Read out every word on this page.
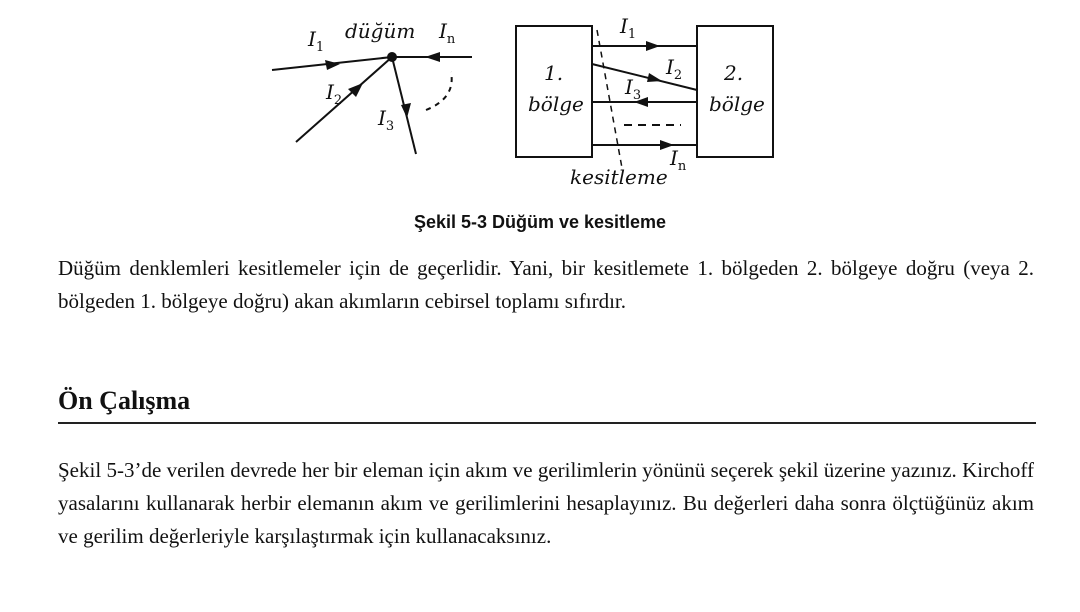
$I_1$
düğüm $I_n$
$I_2$
$I_3$
1.
bölge
2.
bölge
$I_1$
$I_2$
$I_3$
$I_n$
kesitleme
Şekil 5-3 Düğüm ve kesitleme
Düğüm denklemleri kesitlemeler için de geçerlidir. Yani, bir kesitlemete 1. bölgeden 2. bölgeye doğru (veya 2. bölgeden 1. bölgeye doğru) akan akımların cebirsel toplamı sıfırdır.
Ön Çalışma
Şekil 5-3’de verilen devrede her bir eleman için akım ve gerilimlerin yönünü seçerek şekil üzerine yazınız. Kirchoff yasalarını kullanarak herbir elemanın akım ve gerilimlerini hesaplayınız. Bu değerleri daha sonra ölçtüğünüz akım ve gerilim değerleriyle karşılaştırmak için kullanacaksınız.
